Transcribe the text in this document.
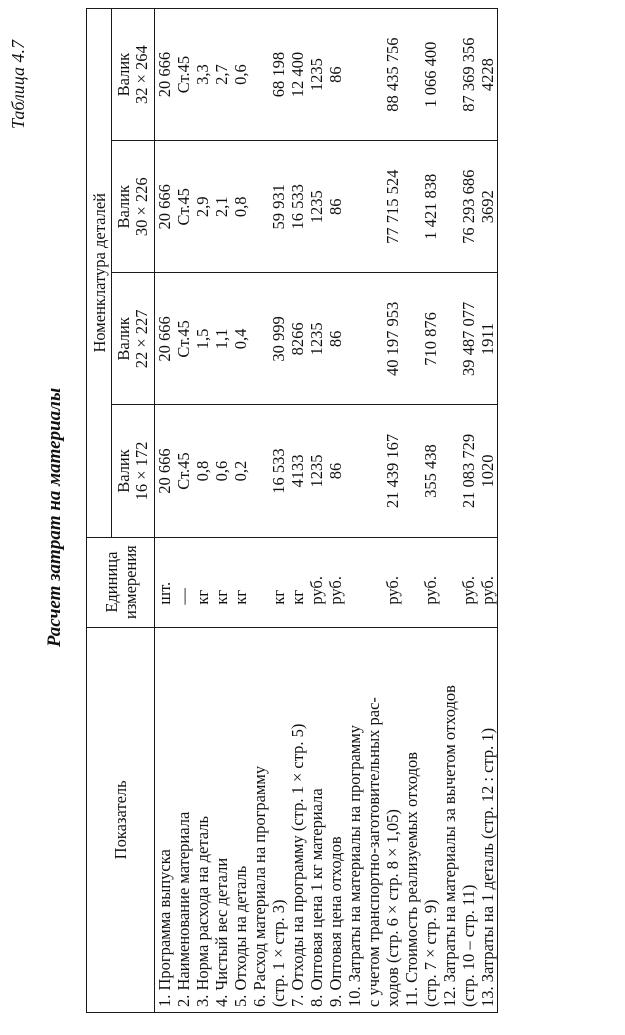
Таблица 4.7
Расчет затрат на материалы
Показатель	Единица измерения	Номенклатура деталей			

		Валик 16 × 172	Валик 22 × 227	Валик 30 × 226	Валик 32 × 264

1. Программа выпуска	шт.	20 666	20 666	20 666	20 666

2. Наименование материала	—	Ст.45	Ст.45	Ст.45	Ст.45

3. Норма расхода на деталь	кг	0,8	1,5	2,9	3,3

4. Чистый вес детали	кг	0,6	1,1	2,1	2,7

5. Отходы на деталь	кг	0,2	0,4	0,8	0,6

6. Расход материала на программу (стр. 1 × стр. 3)	кг	16 533	30 999	59 931	68 198

7. Отходы на программу (стр. 1 × стр. 5)	кг	4133	8266	16 533	12 400

8. Оптовая цена 1 кг материала	руб.	1235	1235	1235	1235

9. Оптовая цена отходов	руб.	86	86	86	86

10. Затраты на материалы на программу с учетом транспортно-заготовительных рас- ходов (стр. 6 × стр. 8 × 1,05)	руб.	21 439 167	40 197 953	77 715 524	88 435 756

11. Стоимость реализуемых отходов (стр. 7 × стр. 9)	руб.	355 438	710 876	1 421 838	1 066 400

12. Затраты на материалы за вычетом отходов (стр. 10 – стр. 11)	руб.	21 083 729	39 487 077	76 293 686	87 369 356

13. Затраты на 1 деталь (стр. 12 : стр. 1)	руб.	1020	1911	3692	4228
